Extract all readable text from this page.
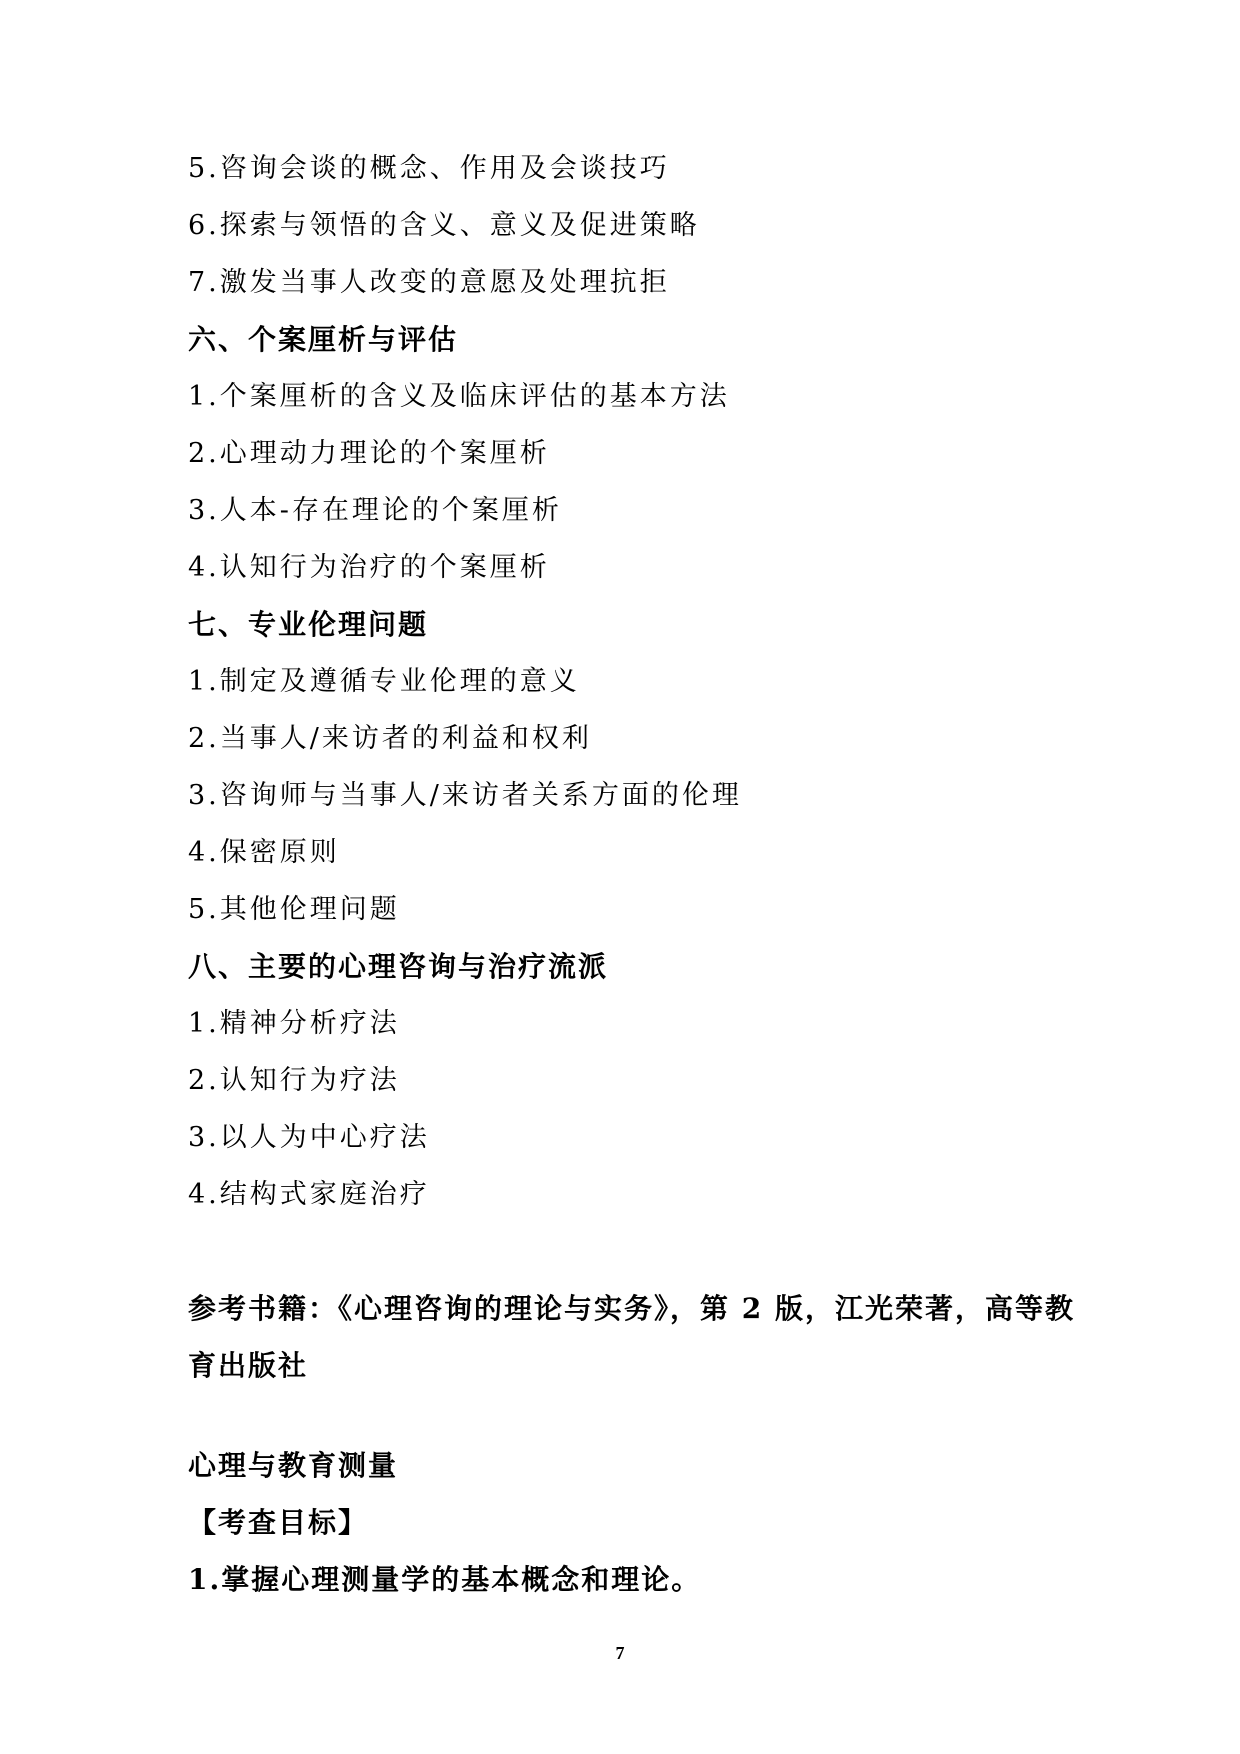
5.咨询会谈的概念、作用及会谈技巧
6.探索与领悟的含义、意义及促进策略
7.激发当事人改变的意愿及处理抗拒
六、个案厘析与评估
1.个案厘析的含义及临床评估的基本方法
2.心理动力理论的个案厘析
3.人本-存在理论的个案厘析
4.认知行为治疗的个案厘析
七、专业伦理问题
1.制定及遵循专业伦理的意义
2.当事人/来访者的利益和权利
3.咨询师与当事人/来访者关系方面的伦理
4.保密原则
5.其他伦理问题
八、主要的心理咨询与治疗流派
1.精神分析疗法
2.认知行为疗法
3.以人为中心疗法
4.结构式家庭治疗
参考书籍：《心理咨询的理论与实务》，第 2 版，江光荣著，高等教
育出版社
心理与教育测量
【考查目标】
1.掌握心理测量学的基本概念和理论。
7
